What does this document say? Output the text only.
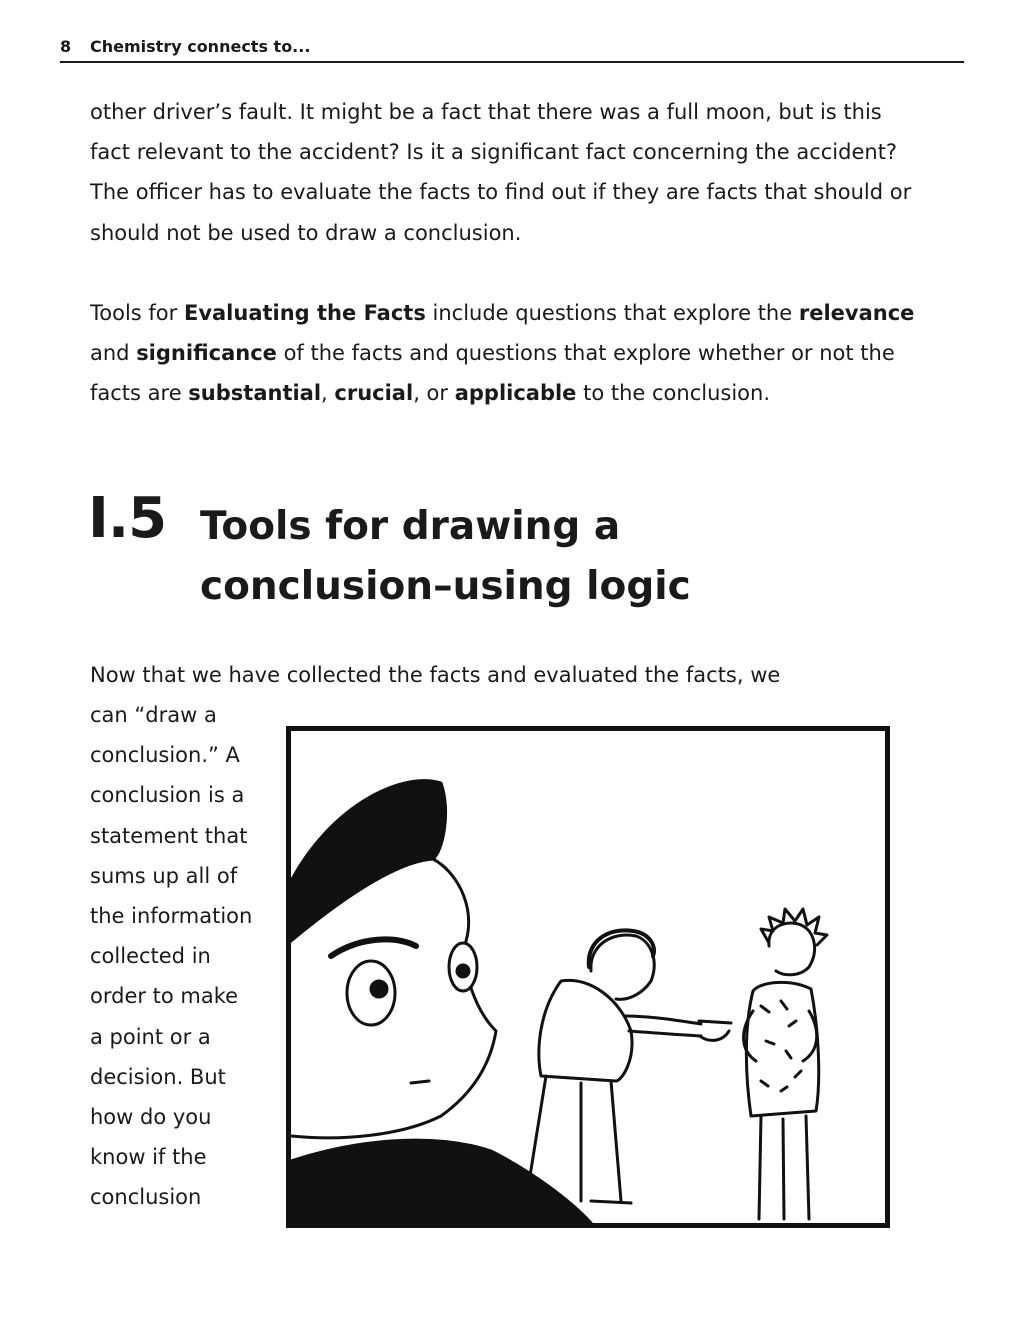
8 Chemistry connects to...

other driver’s fault. It might be a fact that there was a full moon, but is this fact relevant to the accident? Is it a significant fact concerning the accident? The officer has to evaluate the facts to find out if they are facts that should or should not be used to draw a conclusion.

Tools for Evaluating the Facts include questions that explore the relevance and significance of the facts and questions that explore whether or not the facts are substantial, crucial, or applicable to the conclusion.

I.5 Tools for drawing a
conclusion–using logic

Now that we have collected the facts and evaluated the facts, we

can “draw a
conclusion.” A
conclusion is a
statement that
sums up all of
the information
collected in
order to make
a point or a
decision. But
how do you
know if the
conclusion
